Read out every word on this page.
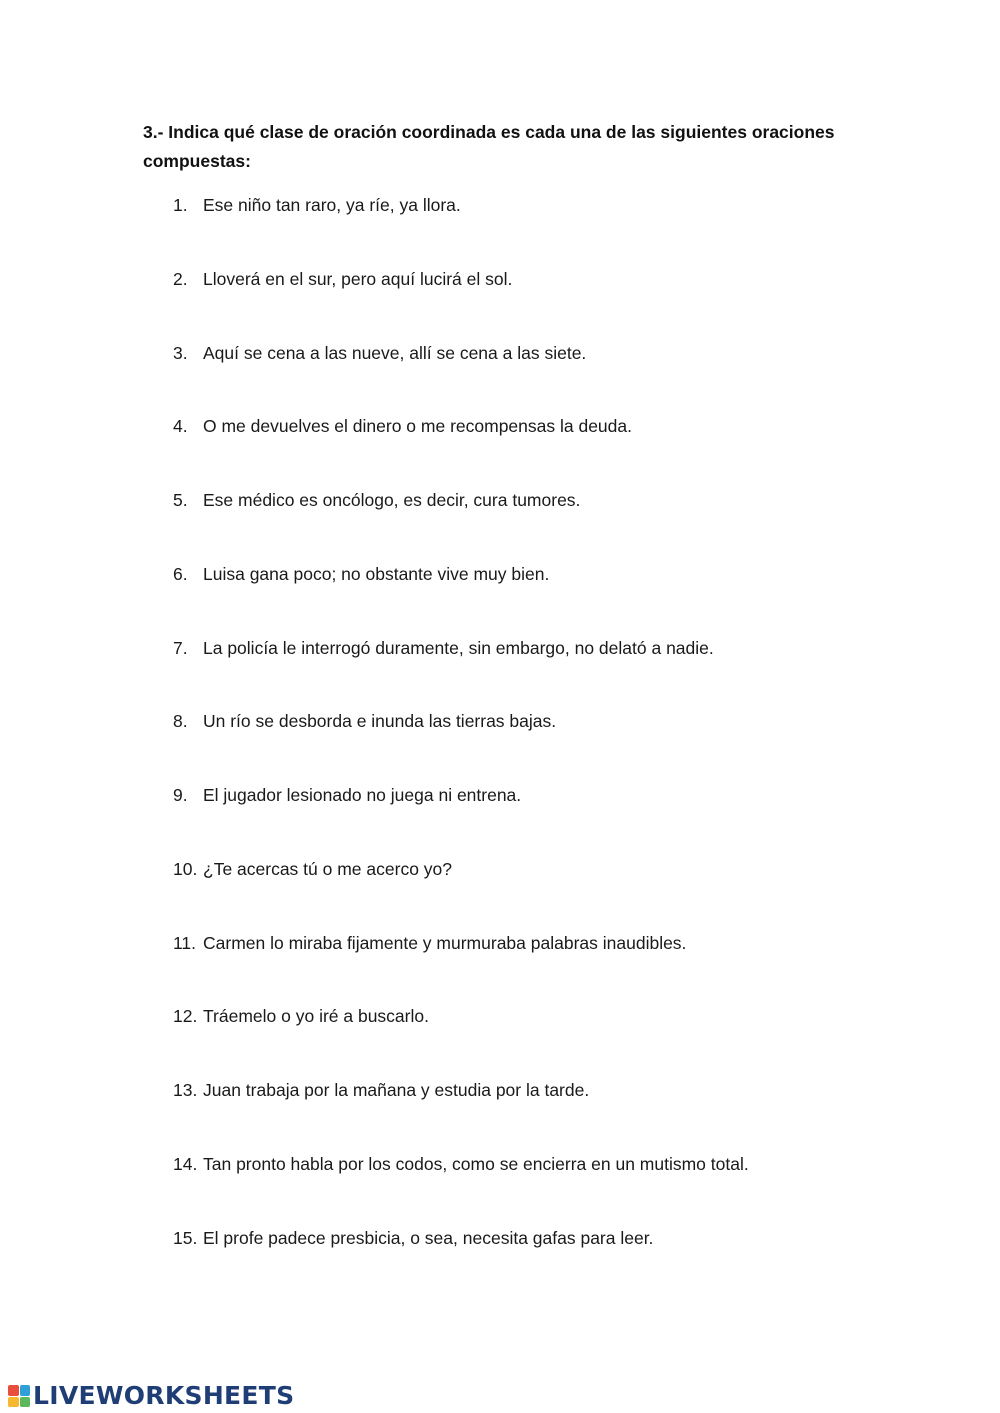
3.- Indica qué clase de oración coordinada es cada una de las siguientes oraciones compuestas:
1. Ese niño tan raro, ya ríe, ya llora.
2. Lloverá en el sur, pero aquí lucirá el sol.
3. Aquí se cena a las nueve, allí se cena a las siete.
4. O me devuelves el dinero o me recompensas la deuda.
5. Ese médico es oncólogo, es decir, cura tumores.
6. Luisa gana poco; no obstante vive muy bien.
7. La policía le interrogó duramente, sin embargo, no delató a nadie.
8. Un río se desborda e inunda las tierras bajas.
9. El jugador lesionado no juega ni entrena.
10. ¿Te acercas tú o me acerco yo?
11. Carmen lo miraba fijamente y murmuraba palabras inaudibles.
12. Tráemelo o yo iré a buscarlo.
13. Juan trabaja por la mañana y estudia por la tarde.
14. Tan pronto habla por los codos, como se encierra en un mutismo total.
15. El profe padece presbicia, o sea, necesita gafas para leer.
LIVEWORKSHEETS
